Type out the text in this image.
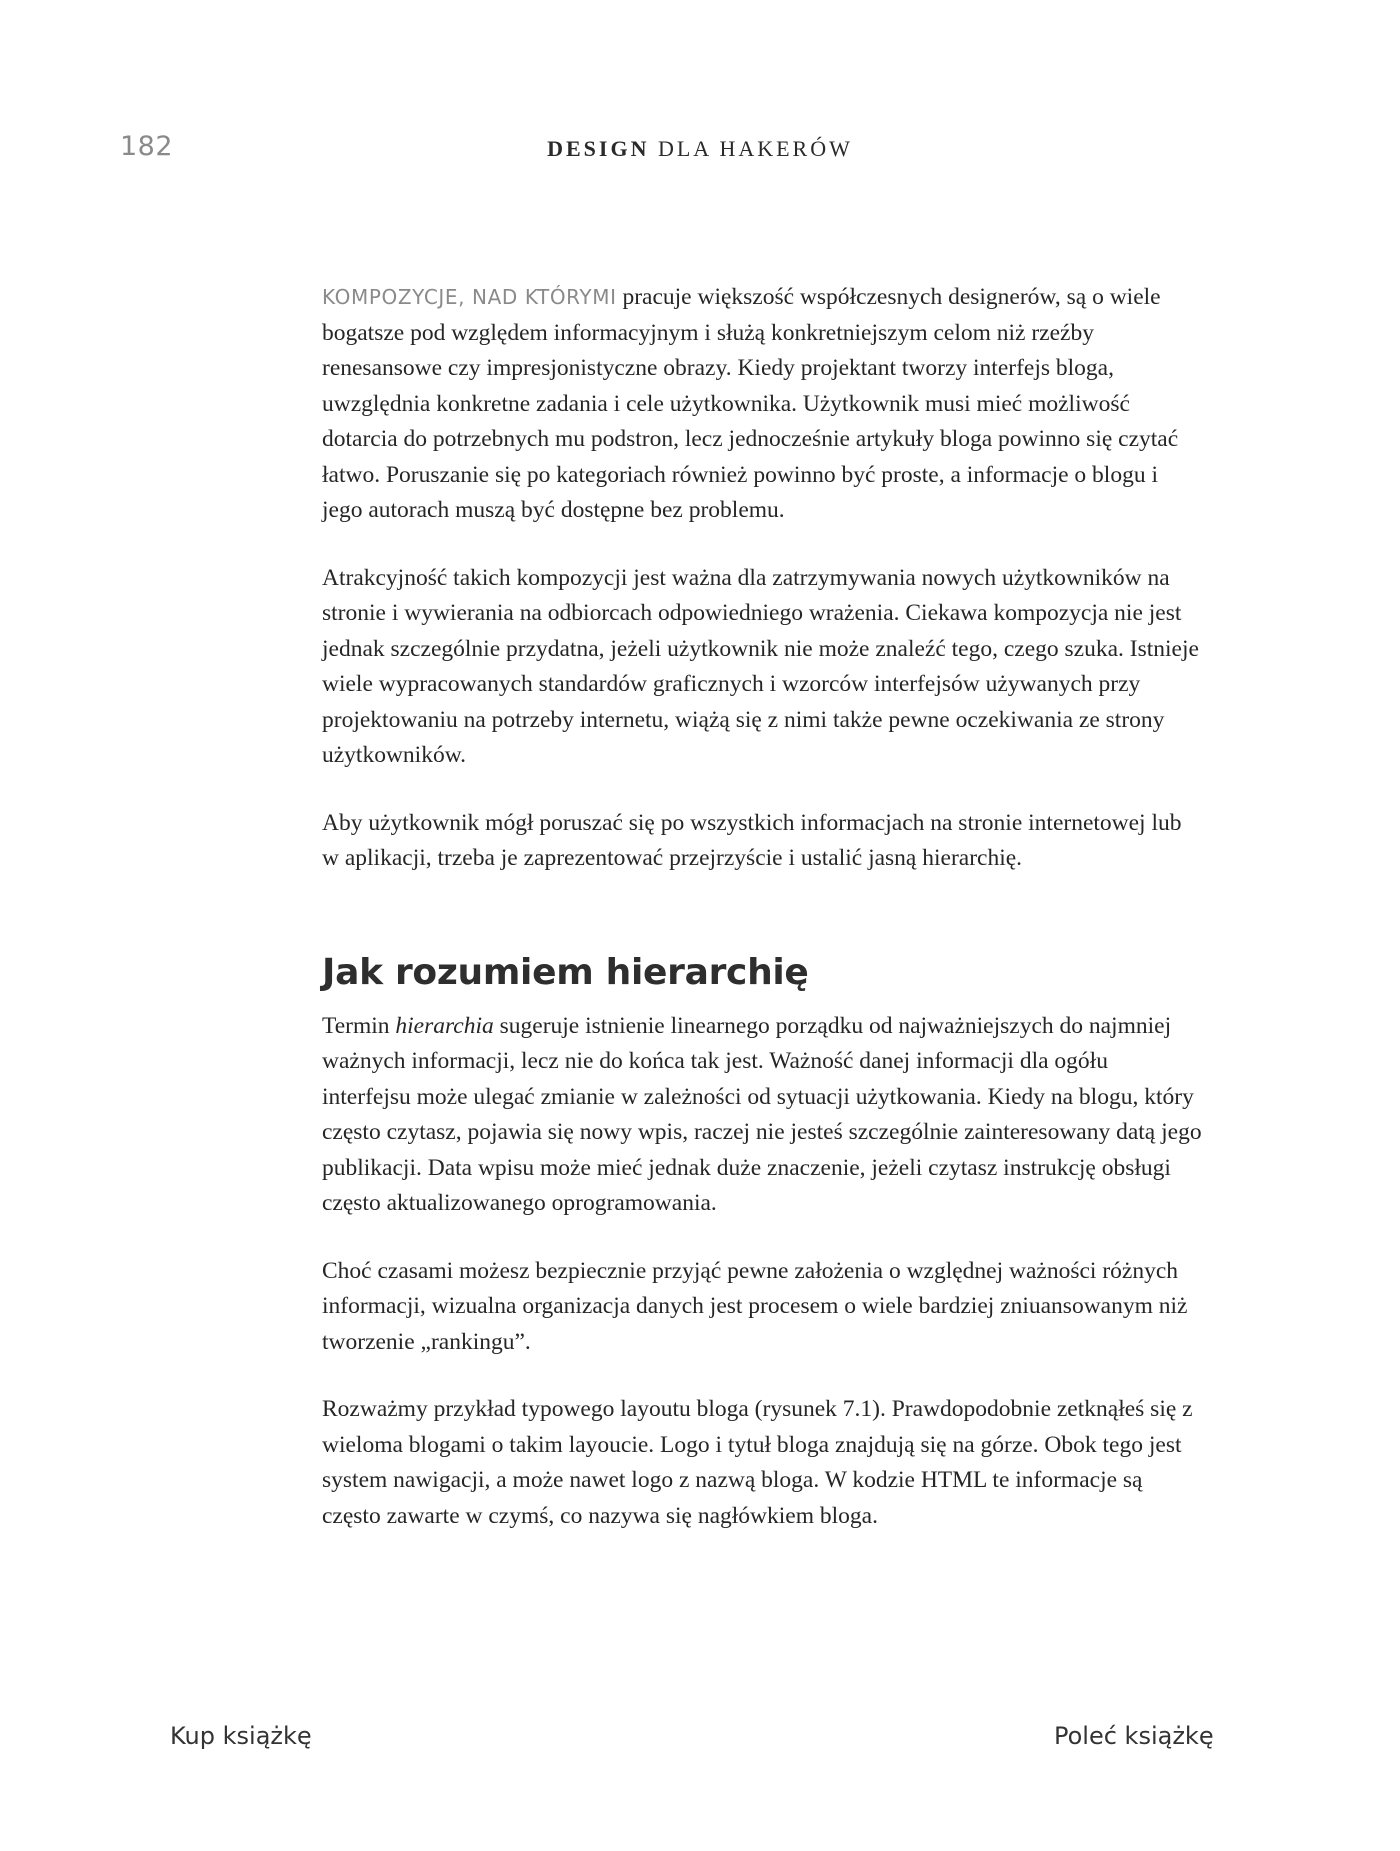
182	DESIGN DLA HAKERÓW

KOMPOZYCJE, NAD KTÓRYMI pracuje większość współczesnych designerów, są o wiele bogatsze pod względem informacyjnym i służą konkretniejszym celom niż rzeźby renesansowe czy impresjonistyczne obrazy. Kiedy projektant tworzy interfejs bloga, uwzględnia konkretne zadania i cele użytkownika. Użytkownik musi mieć możliwość dotarcia do potrzebnych mu podstron, lecz jednocześnie artykuły bloga powinno się czytać łatwo. Poruszanie się po kategoriach również powinno być proste, a informacje o blogu i jego autorach muszą być dostępne bez problemu.

Atrakcyjność takich kompozycji jest ważna dla zatrzymywania nowych użytkowników na stronie i wywierania na odbiorcach odpowiedniego wrażenia. Ciekawa kompozycja nie jest jednak szczególnie przydatna, jeżeli użytkownik nie może znaleźć tego, czego szuka. Istnieje wiele wypracowanych standardów graficznych i wzorców interfejsów używanych przy projektowaniu na potrzeby internetu, wiążą się z nimi także pewne oczekiwania ze strony użytkowników.

Aby użytkownik mógł poruszać się po wszystkich informacjach na stronie internetowej lub w aplikacji, trzeba je zaprezentować przejrzyście i ustalić jasną hierarchię.

Jak rozumiem hierarchię

Termin hierarchia sugeruje istnienie linearnego porządku od najważniejszych do najmniej ważnych informacji, lecz nie do końca tak jest. Ważność danej informacji dla ogółu interfejsu może ulegać zmianie w zależności od sytuacji użytkowania. Kiedy na blogu, który często czytasz, pojawia się nowy wpis, raczej nie jesteś szczególnie zainteresowany datą jego publikacji. Data wpisu może mieć jednak duże znaczenie, jeżeli czytasz instrukcję obsługi często aktualizowanego oprogramowania.

Choć czasami możesz bezpiecznie przyjąć pewne założenia o względnej ważności różnych informacji, wizualna organizacja danych jest procesem o wiele bardziej zniuansowanym niż tworzenie „rankingu”.

Rozważmy przykład typowego layoutu bloga (rysunek 7.1). Prawdopodobnie zetknąłeś się z wieloma blogami o takim layoucie. Logo i tytuł bloga znajdują się na górze. Obok tego jest system nawigacji, a może nawet logo z nazwą bloga. W kodzie HTML te informacje są często zawarte w czymś, co nazywa się nagłówkiem bloga.

Kup książkę	Poleć książkę
